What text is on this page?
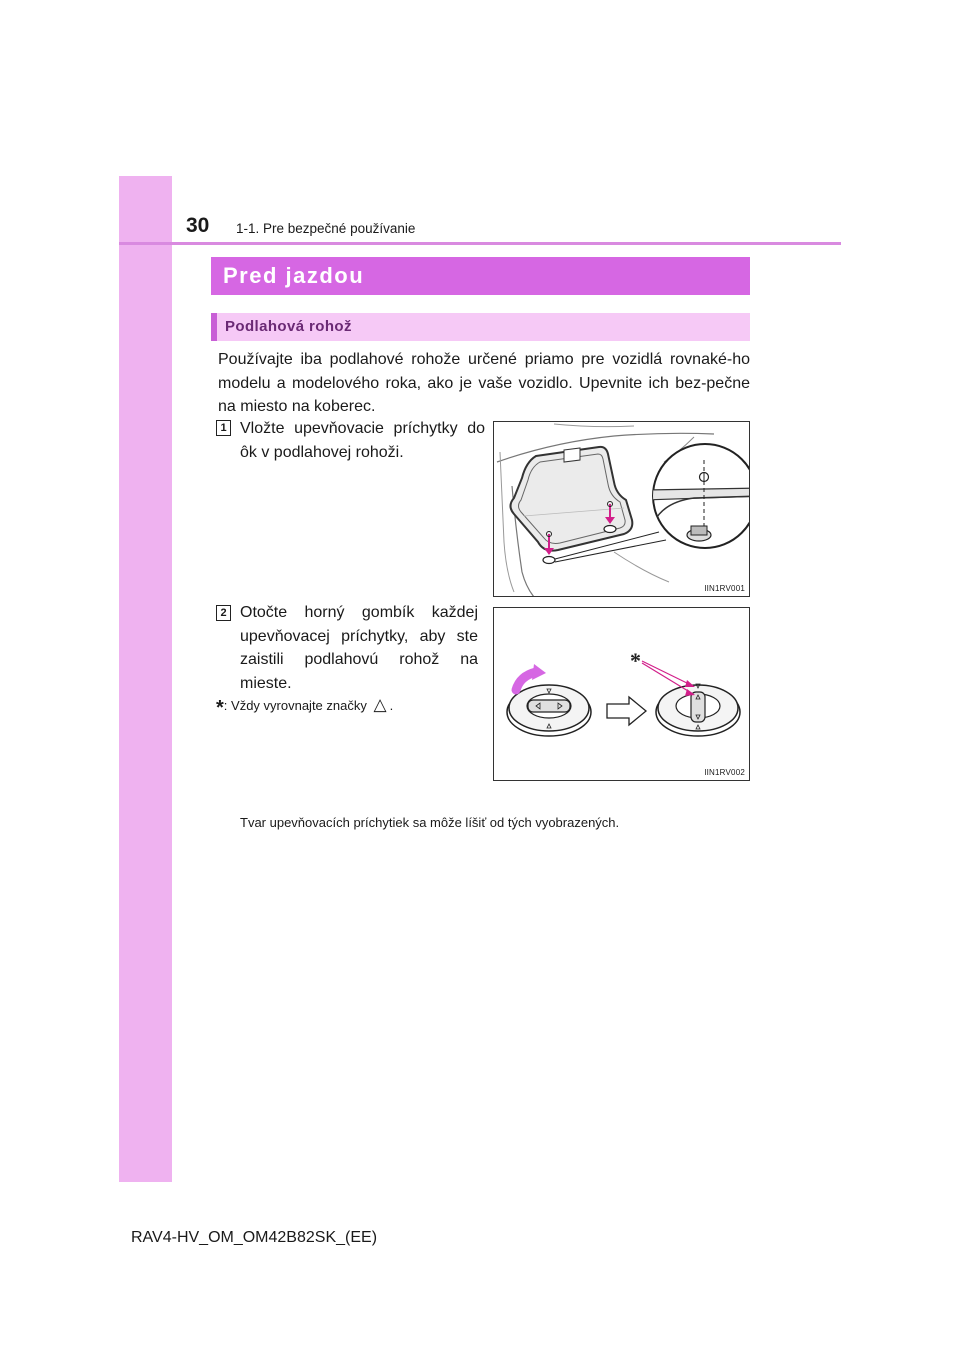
30 1-1. Pre bezpečné používanie
Pred jazdou
Podlahová rohož
Používajte iba podlahové rohože určené priamo pre vozidlá rovnaké-ho modelu a modelového roka, ako je vaše vozidlo. Upevnite ich bez-pečne na miesto na koberec.
1 Vložte upevňovacie príchytky do ôk v podlahovej rohoži.
IIN1RV001
2 Otočte horný gombík každej upevňovacej príchytky, aby ste zaistili podlahovú rohož na mieste.
*: Vždy vyrovnajte značky △ .
*
IIN1RV002
Tvar upevňovacích príchytiek sa môže líšiť od tých vyobrazených.
RAV4-HV_OM_OM42B82SK_(EE)
